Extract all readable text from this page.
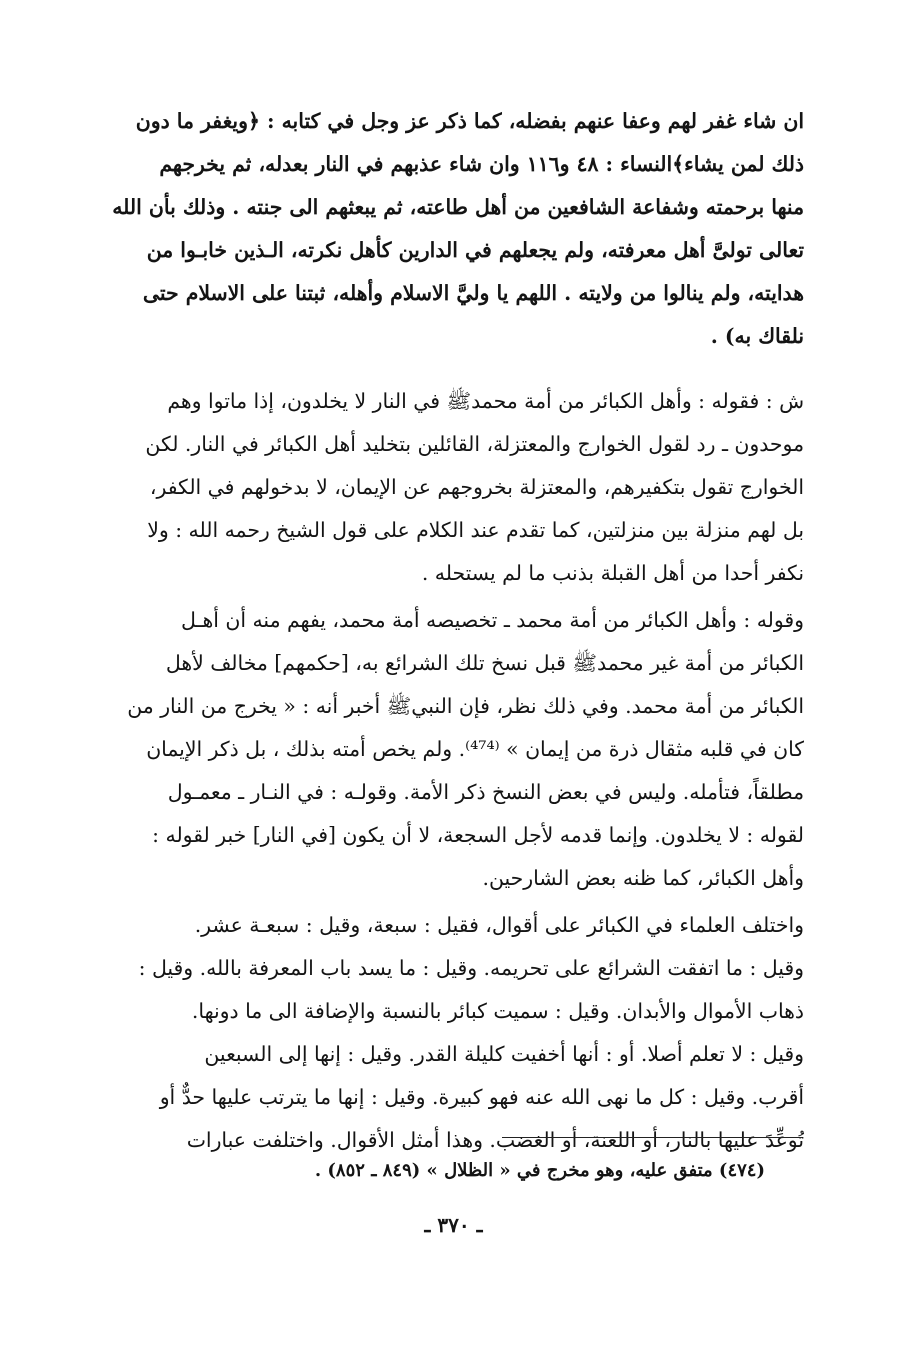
ان شاء غفر لهم وعفا عنهم بفضله، كما ذكر عز وجل في كتابه : ﴿ويغفر ما دون
ذلك لمن يشاء﴾النساء : ٤٨ و١١٦ وان شاء عذبهم في النار بعدله، ثم يخرجهم
منها برحمته وشفاعة الشافعين من أهل طاعته، ثم يبعثهم الى جنته . وذلك بأن الله
تعالى تولىَّ أهل معرفته، ولم يجعلهم في الدارين كأهل نكرته، الـذين خابـوا من
هدايته، ولم ينالوا من ولايته . اللهم يا وليَّ الاسلام وأهله، ثبتنا على الاسلام حتى
نلقاك به) .
ش : فقوله : وأهل الكبائر من أمة محمدﷺ في النار لا يخلدون، إذا ماتوا وهم
موحدون ـ رد لقول الخوارج والمعتزلة، القائلين بتخليد أهل الكبائر في النار. لكن
الخوارج تقول بتكفيرهم، والمعتزلة بخروجهم عن الإيمان، لا بدخولهم في الكفر،
بل لهم منزلة بين منزلتين، كما تقدم عند الكلام على قول الشيخ رحمه الله : ولا
نكفر أحدا من أهل القبلة بذنب ما لم يستحله .
وقوله : وأهل الكبائر من أمة محمد ـ تخصيصه أمة محمد، يفهم منه أن أهـل
الكبائر من أمة غير محمدﷺ قبل نسخ تلك الشرائع به، [حكمهم] مخالف لأهل
الكبائر من أمة محمد. وفي ذلك نظر، فإن النبيﷺ أخبر أنه : « يخرج من النار من
كان في قلبه مثقال ذرة من إيمان » ⁽⁴⁷⁴⁾. ولم يخص أمته بذلك ، بل ذكر الإيمان
مطلقاً، فتأمله. وليس في بعض النسخ ذكر الأمة. وقولـه : في النـار ـ معمـول
لقوله : لا يخلدون. وإنما قدمه لأجل السجعة، لا أن يكون [في النار] خبر لقوله :
وأهل الكبائر، كما ظنه بعض الشارحين.
واختلف العلماء في الكبائر على أقوال، فقيل : سبعة، وقيل : سبعـة عشر.
وقيل : ما اتفقت الشرائع على تحريمه. وقيل : ما يسد باب المعرفة بالله. وقيل :
ذهاب الأموال والأبدان. وقيل : سميت كبائر بالنسبة والإضافة الى ما دونها.
وقيل : لا تعلم أصلا. أو : أنها أخفيت كليلة القدر. وقيل : إنها إلى السبعين
أقرب. وقيل : كل ما نهى الله عنه فهو كبيرة. وقيل : إنها ما يترتب عليها حدٌّ أو
تُوعِّدَ عليها بالنار، أو اللعنة، أو الغضب. وهذا أمثل الأقوال. واختلفت عبارات
(٤٧٤) متفق عليه، وهو مخرج في « الظلال » (٨٤٩ ـ ٨٥٢) .
ـ ٣٧٠ ـ
